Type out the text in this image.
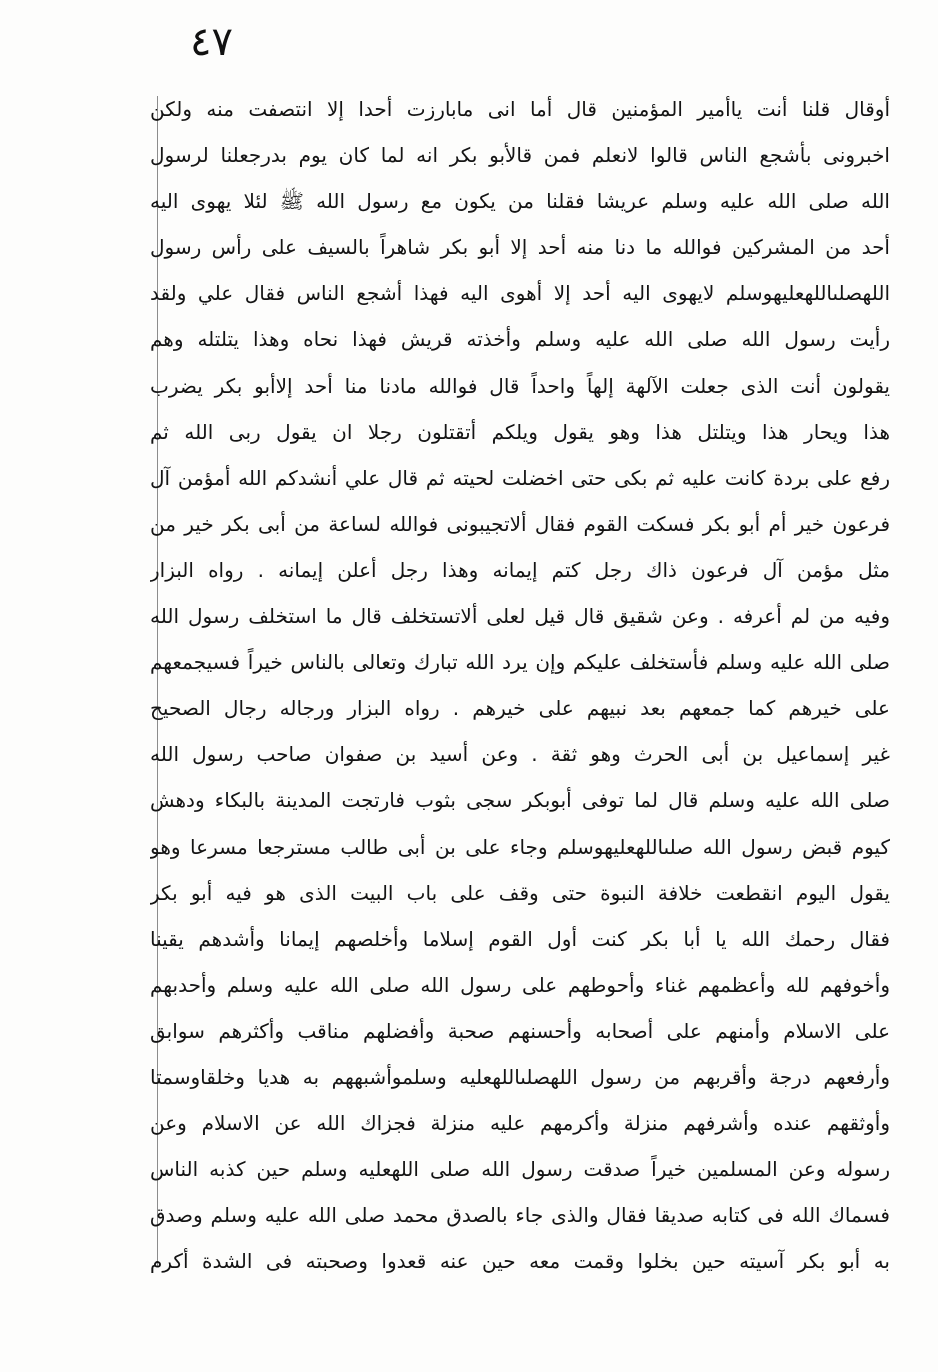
٤٧
أوقال قلنا أنت ياأمير المؤمنين قال أما انى مابارزت أحدا إلا انتصفت منه ولكن
اخبرونى بأشجع الناس قالوا لانعلم فمن قالأبو بكر انه لما كان يوم بدرجعلنا لرسول
الله صلى الله عليه وسلم عريشا فقلنا من يكون مع رسول الله ﷺ لئلا يهوى اليه
أحد من المشركين فوالله ما دنا منه أحد إلا أبو بكر شاهراً بالسيف على رأس رسول
اللهصلىاللهعليهوسلم لايهوى اليه أحد إلا أهوى اليه فهذا أشجع الناس فقال علي ولقد
رأيت رسول الله صلى الله عليه وسلم وأخذته قريش فهذا نحاه وهذا يتلتله وهم
يقولون أنت الذى جعلت الآلهة إلهاً واحداً قال فوالله مادنا منا أحد إلاأبو بكر يضرب
هذا ويحار هذا ويتلتل هذا وهو يقول ويلكم أتقتلون رجلا ان يقول ربى الله ثم
رفع على بردة كانت عليه ثم بكى حتى اخضلت لحيته ثم قال علي أنشدكم الله أمؤمن آل
فرعون خير أم أبو بكر فسكت القوم فقال ألاتجيبونى فوالله لساعة من أبى بكر خير من
مثل مؤمن آل فرعون ذاك رجل كتم إيمانه وهذا رجل أعلن إيمانه . رواه البزار
وفيه من لم أعرفه . وعن شقيق قال قيل لعلى ألاتستخلف قال ما استخلف رسول الله
صلى الله عليه وسلم فأستخلف عليكم وإن يرد الله تبارك وتعالى بالناس خيراً فسيجمعهم
على خيرهم كما جمعهم بعد نبيهم على خيرهم . رواه البزار ورجاله رجال الصحيح
غير إسماعيل بن أبى الحرث وهو ثقة . وعن أسيد بن صفوان صاحب رسول الله
صلى الله عليه وسلم قال لما توفى أبوبكر سجى بثوب فارتجت المدينة بالبكاء ودهش
كيوم قبض رسول الله صلىاللهعليهوسلم وجاء على بن أبى طالب مسترجعا مسرعا وهو
يقول اليوم انقطعت خلافة النبوة حتى وقف على باب البيت الذى هو فيه أبو بكر
فقال رحمك الله يا أبا بكر كنت أول القوم إسلاما وأخلصهم إيمانا وأشدهم يقينا
وأخوفهم لله وأعظمهم غناء وأحوطهم على رسول الله صلى الله عليه وسلم وأحدبهم
على الاسلام وأمنهم على أصحابه وأحسنهم صحبة وأفضلهم مناقب وأكثرهم سوابق
وأرفعهم درجة وأقربهم من رسول اللهصلىاللهعليه وسلموأشبههم به هديا وخلقاوسمتا
وأوثقهم عنده وأشرفهم منزلة وأكرمهم عليه منزلة فجزاك الله عن الاسلام وعن
رسوله وعن المسلمين خيراً صدقت رسول الله صلى اللهعليه وسلم حين كذبه الناس
فسماك الله فى كتابه صديقا فقال والذى جاء بالصدق محمد صلى الله عليه وسلم وصدق
به أبو بكر آسيته حين بخلوا وقمت معه حين عنه قعدوا وصحبته فى الشدة أكرم
